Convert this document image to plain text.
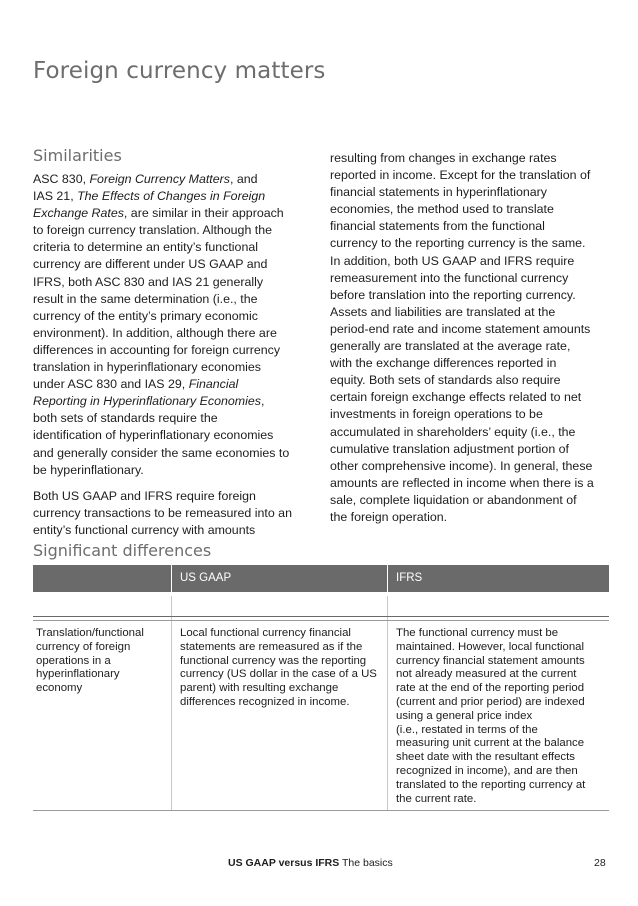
Foreign currency matters
Similarities

ASC 830, Foreign Currency Matters, and
IAS 21, The Effects of Changes in Foreign
Exchange Rates, are similar in their approach
to foreign currency translation. Although the
criteria to determine an entity’s functional
currency are different under US GAAP and
IFRS, both ASC 830 and IAS 21 generally
result in the same determination (i.e., the
currency of the entity’s primary economic
environment). In addition, although there are
differences in accounting for foreign currency
translation in hyperinflationary economies
under ASC 830 and IAS 29, Financial
Reporting in Hyperinflationary Economies,
both sets of standards require the
identification of hyperinflationary economies
and generally consider the same economies to
be hyperinflationary.

Both US GAAP and IFRS require foreign
currency transactions to be remeasured into an
entity’s functional currency with amounts

resulting from changes in exchange rates
reported in income. Except for the translation of
financial statements in hyperinflationary
economies, the method used to translate
financial statements from the functional
currency to the reporting currency is the same.
In addition, both US GAAP and IFRS require
remeasurement into the functional currency
before translation into the reporting currency.
Assets and liabilities are translated at the
period-end rate and income statement amounts
generally are translated at the average rate,
with the exchange differences reported in
equity. Both sets of standards also require
certain foreign exchange effects related to net
investments in foreign operations to be
accumulated in shareholders’ equity (i.e., the
cumulative translation adjustment portion of
other comprehensive income). In general, these
amounts are reflected in income when there is a
sale, complete liquidation or abandonment of
the foreign operation.
Significant differences
US GAAP	IFRS
Translation/functional
currency of foreign
operations in a
hyperinflationary
economy
Local functional currency financial
statements are remeasured as if the
functional currency was the reporting
currency (US dollar in the case of a US
parent) with resulting exchange
differences recognized in income.
The functional currency must be
maintained. However, local functional
currency financial statement amounts
not already measured at the current
rate at the end of the reporting period
(current and prior period) are indexed
using a general price index
(i.e., restated in terms of the
measuring unit current at the balance
sheet date with the resultant effects
recognized in income), and are then
translated to the reporting currency at
the current rate.
US GAAP versus IFRS The basics	28
